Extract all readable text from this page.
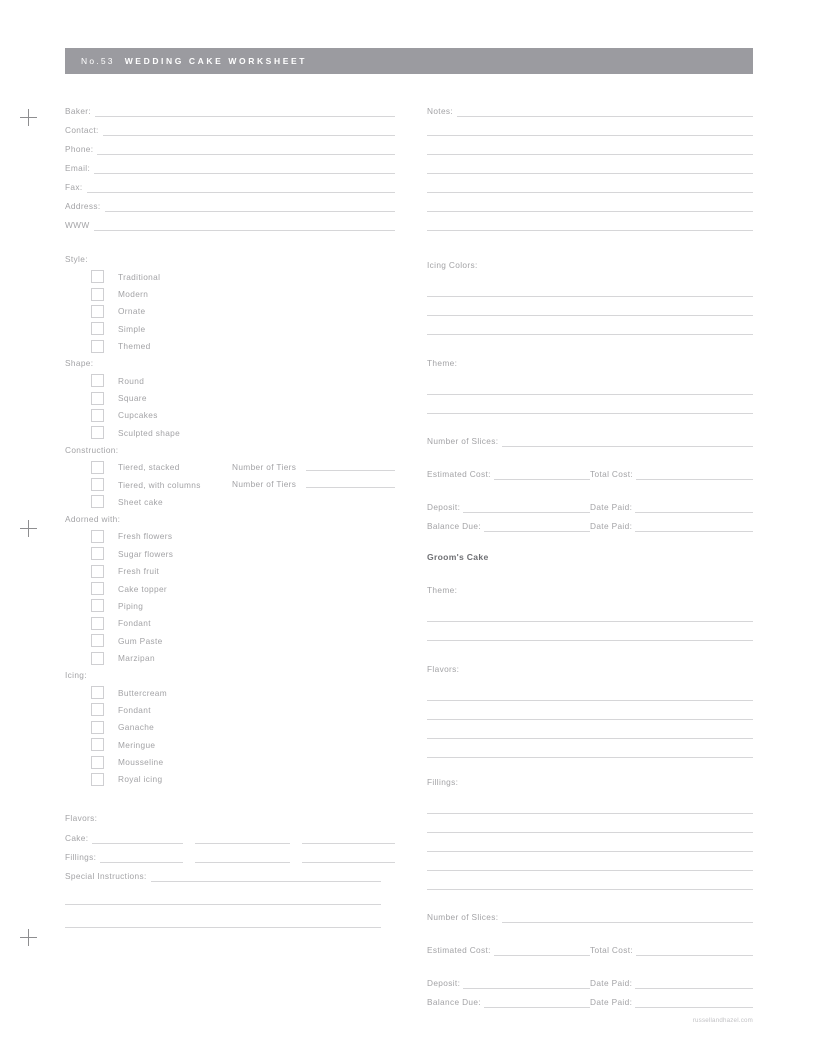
No.53 WEDDING CAKE WORKSHEET
Baker:
Contact:
Phone:
Email:
Fax:
Address:
WWW
Style:
Traditional
Modern
Ornate
Simple
Themed
Shape:
Round
Square
Cupcakes
Sculpted shape
Construction:
Tiered, stacked	Number of Tiers
Tiered, with columns	Number of Tiers
Sheet cake
Adorned with:
Fresh flowers
Sugar flowers
Fresh fruit
Cake topper
Piping
Fondant
Gum Paste
Marzipan
Icing:
Buttercream
Fondant
Ganache
Meringue
Mousseline
Royal icing
Flavors:
Cake:
Fillings:
Special Instructions:
Notes:
Icing Colors:
Theme:
Number of Slices:
Estimated Cost:	Total Cost:
Deposit:	Date Paid:
Balance Due:	Date Paid:
Groom's Cake
Theme:
Flavors:
Fillings:
Number of Slices:
Estimated Cost:	Total Cost:
Deposit:	Date Paid:
Balance Due:	Date Paid:
russellandhazel.com
